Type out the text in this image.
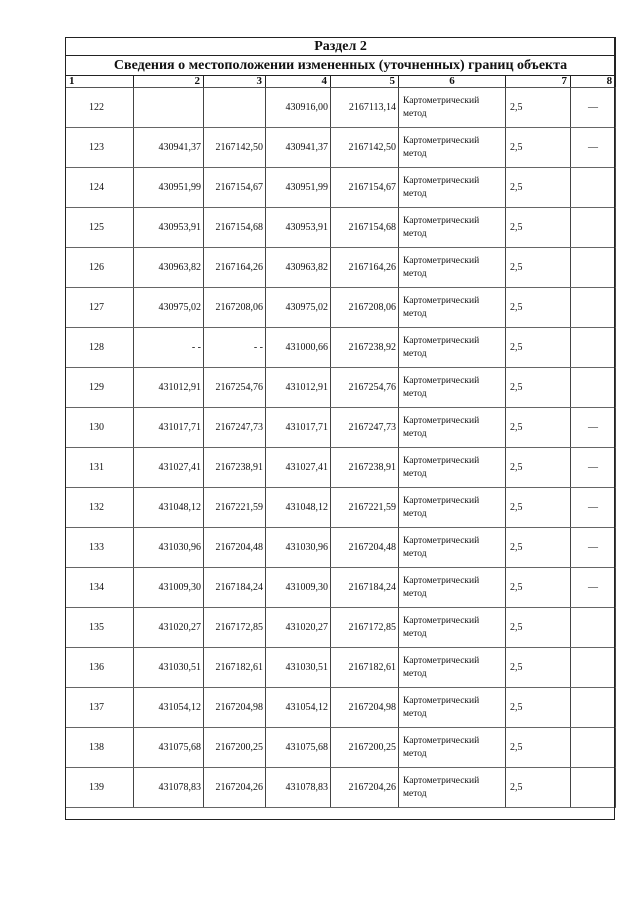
Раздел 2							
Сведения о местоположении измененных (уточненных) границ объекта							
1	2	3	4	5	6	7	8
122			430916,00	2167113,14	Картометрический метод	2,5	—
123	430941,37	2167142,50	430941,37	2167142,50	Картометрический метод	2,5	—
124	430951,99	2167154,67	430951,99	2167154,67	Картометрический метод	2,5	
125	430953,91	2167154,68	430953,91	2167154,68	Картометрический метод	2,5	
126	430963,82	2167164,26	430963,82	2167164,26	Картометрический метод	2,5	
127	430975,02	2167208,06	430975,02	2167208,06	Картометрический метод	2,5	
128	- -	- -	431000,66	2167238,92	Картометрический метод	2,5	
129	431012,91	2167254,76	431012,91	2167254,76	Картометрический метод	2,5	
130	431017,71	2167247,73	431017,71	2167247,73	Картометрический метод	2,5	—
131	431027,41	2167238,91	431027,41	2167238,91	Картометрический метод	2,5	—
132	431048,12	2167221,59	431048,12	2167221,59	Картометрический метод	2,5	—
133	431030,96	2167204,48	431030,96	2167204,48	Картометрический метод	2,5	—
134	431009,30	2167184,24	431009,30	2167184,24	Картометрический метод	2,5	—
135	431020,27	2167172,85	431020,27	2167172,85	Картометрический метод	2,5	
136	431030,51	2167182,61	431030,51	2167182,61	Картометрический метод	2,5	
137	431054,12	2167204,98	431054,12	2167204,98	Картометрический метод	2,5	
138	431075,68	2167200,25	431075,68	2167200,25	Картометрический метод	2,5	
139	431078,83	2167204,26	431078,83	2167204,26	Картометрический метод	2,5	
